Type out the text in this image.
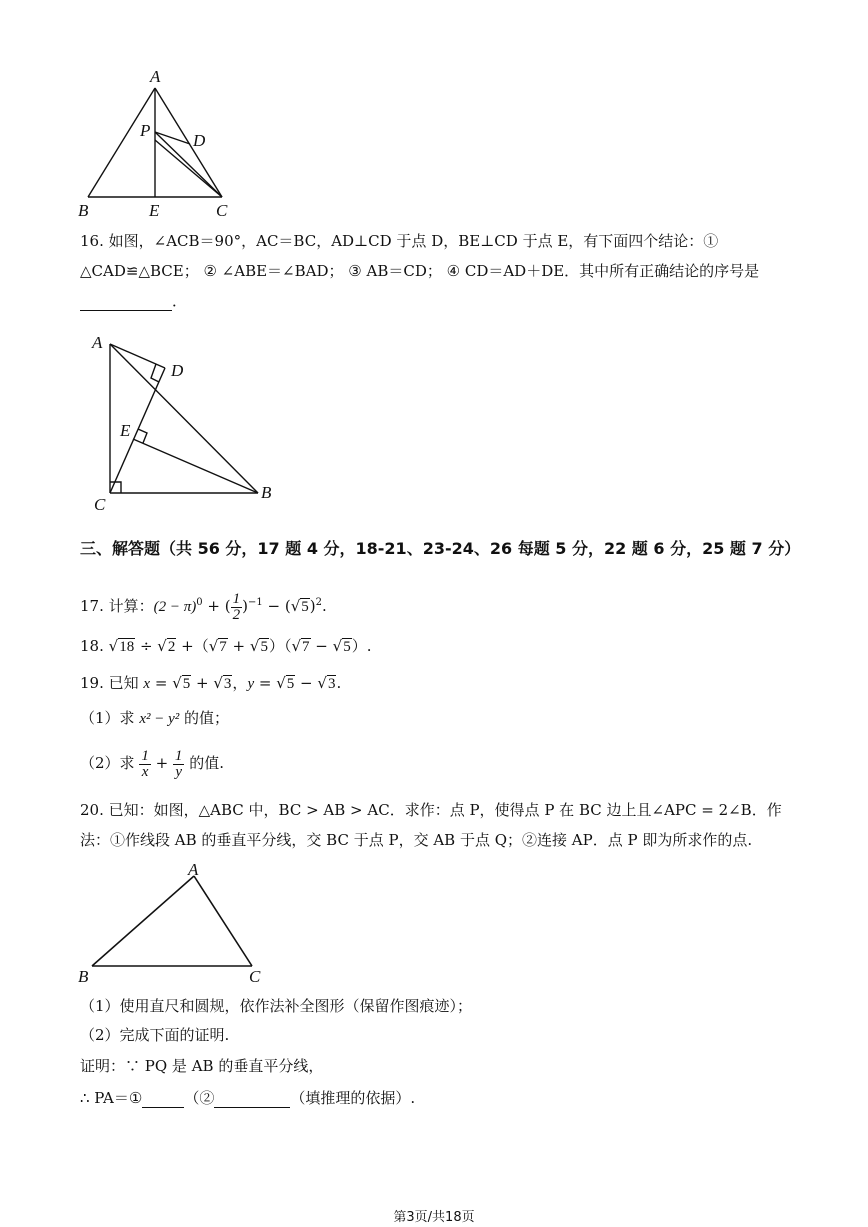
A
B	E	C
P
D
16. 如图，∠ACB＝90°，AC＝BC，AD⊥CD 于点 D，BE⊥CD 于点 E，有下面四个结论：①
△CAD≌△BCE； ② ∠ABE＝∠BAD； ③ AB＝CD； ④ CD＝AD＋DE．其中所有正确结论的序号是
．
A
D
E
C
B
三、解答题（共 56 分，17 题 4 分，18-21、23-24、26 每题 5 分，22 题 6 分，25 题 7 分）
17. 计算：$(2 - \pi)^0$ + ( $\frac{1}{2} )^{-1} - (√5)^2$.
18. √18 ÷ √2 +（√7 + √5）（√7 − √5）.
19. 已知 x = √5 + √3，y = √5 − √3.
（1）求 x² − y² 的值；
（2）求 $\frac{1}{x} + \frac{1}{y}$ 的值.
20. 已知：如图，△ABC 中，BC > AB > AC．求作：点 P，使得点 P 在 BC 边上且∠APC = 2∠B．作
法：①作线段 AB 的垂直平分线，交 BC 于点 P，交 AB 于点 Q；②连接 AP．点 P 即为所求作的点.
A
B	C
（1）使用直尺和圆规，依作法补全图形（保留作图痕迹）；
（2）完成下面的证明.
证明：∵ PQ 是 AB 的垂直平分线，
∴ PA＝①	（②	（填推理的依据）.
第3页/共18页
